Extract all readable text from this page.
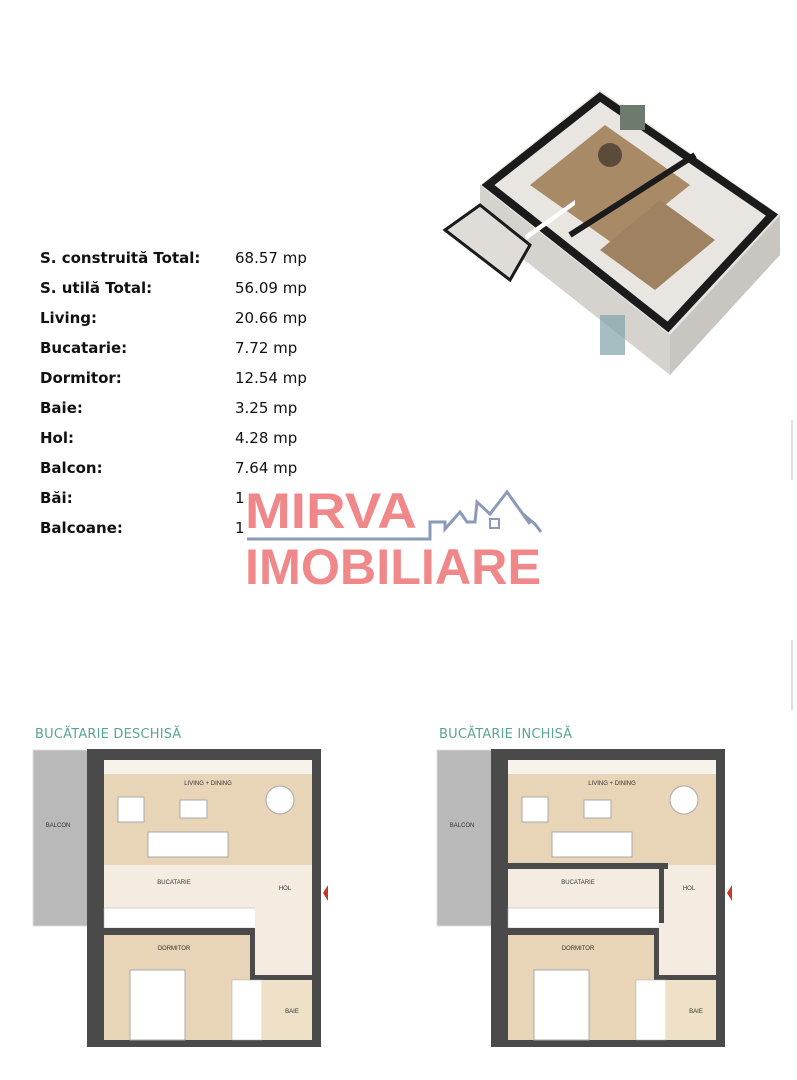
S. construită Total:	68.57 mp
S. utilă Total:	56.09 mp
Living:	20.66 mp
Bucatarie:	7.72 mp
Dormitor:	12.54 mp
Baie:	3.25 mp
Hol:	4.28 mp
Balcon:	7.64 mp
Băi:	1
Balcoane:	1 MIRVA
IMOBILIARE
BUCĂTARIE DESCHISĂ	BUCĂTARIE INCHISĂ
LIVING + DINING
BALCON
BUCATARIE
HOL
DORMITOR
BAIE
LIVING + DINING
BALCON
BUCATARIE
HOL
DORMITOR
BAIE
